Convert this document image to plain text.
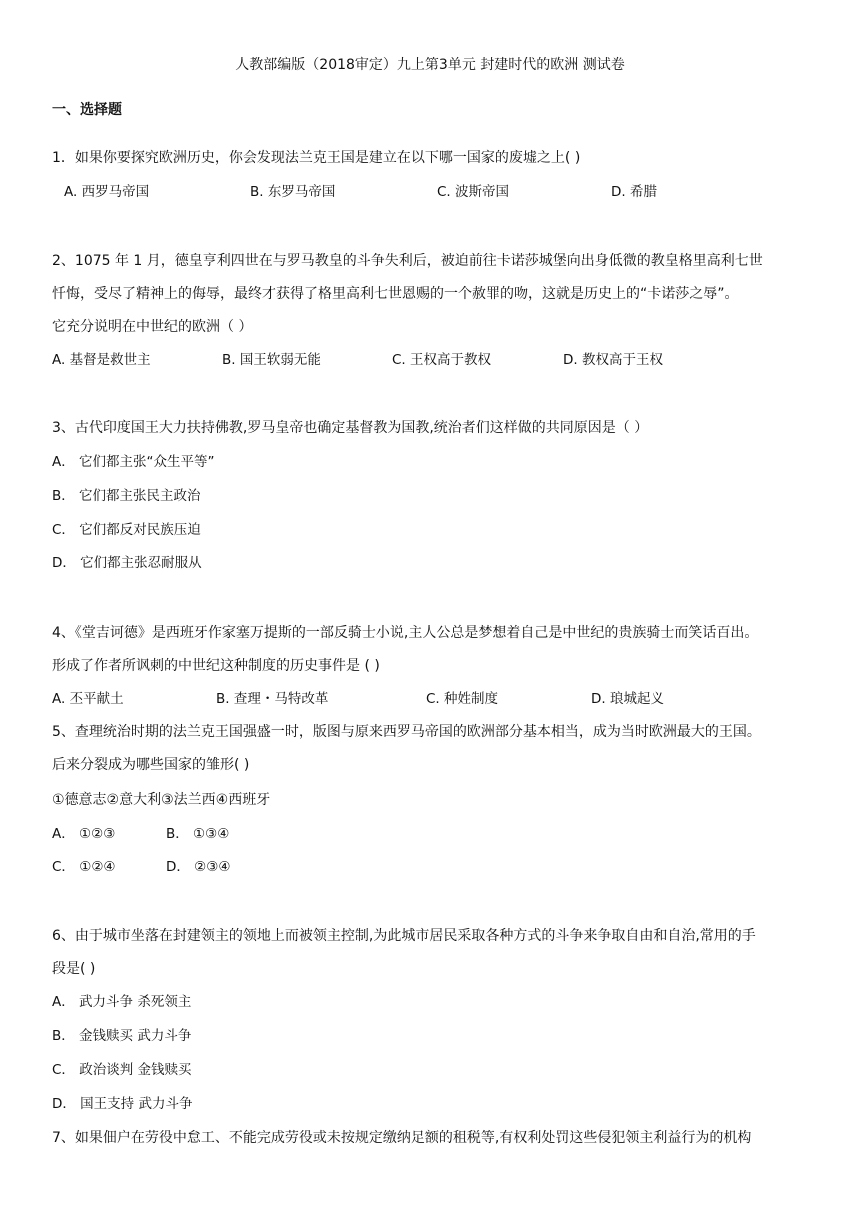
人教部编版（2018审定）九上第3单元 封建时代的欧洲 测试卷
一、选择题
1．如果你要探究欧洲历史，你会发现法兰克王国是建立在以下哪一国家的废墟之上( )
A. 西罗马帝国	B. 东罗马帝国	C. 波斯帝国	D. 希腊
2、1075 年 1 月，德皇亨利四世在与罗马教皇的斗争失利后，被迫前往卡诺莎城堡向出身低微的教皇格里高利七世
忏悔，受尽了精神上的侮辱，最终才获得了格里高利七世恩赐的一个赦罪的吻，这就是历史上的“卡诺莎之辱”。
它充分说明在中世纪的欧洲（ ）
A. 基督是救世主	B. 国王软弱无能	C. 王权高于教权	D. 教权高于王权
3、古代印度国王大力扶持佛教,罗马皇帝也确定基督教为国教,统治者们这样做的共同原因是（ ）
A． 它们都主张“众生平等”
B． 它们都主张民主政治
C． 它们都反对民族压迫
D． 它们都主张忍耐服从
4、《堂吉诃德》是西班牙作家塞万提斯的一部反骑士小说,主人公总是梦想着自己是中世纪的贵族骑士而笑话百出。
形成了作者所讽刺的中世纪这种制度的历史事件是 ( )
A. 丕平献土	B. 查理・马特改革	C. 种姓制度	D. 琅城起义
5、查理统治时期的法兰克王国强盛一时，版图与原来西罗马帝国的欧洲部分基本相当，成为当时欧洲最大的王国。
后来分裂成为哪些国家的雏形( )
①德意志②意大利③法兰西④西班牙
A． ①②③	B． ①③④
C． ①②④	D． ②③④
6、由于城市坐落在封建领主的领地上而被领主控制,为此城市居民采取各种方式的斗争来争取自由和自治,常用的手
段是( )
A． 武力斗争 杀死领主
B． 金钱赎买 武力斗争
C． 政治谈判 金钱赎买
D． 国王支持 武力斗争
7、如果佃户在劳役中怠工、不能完成劳役或未按规定缴纳足额的租税等,有权利处罚这些侵犯领主利益行为的机构
